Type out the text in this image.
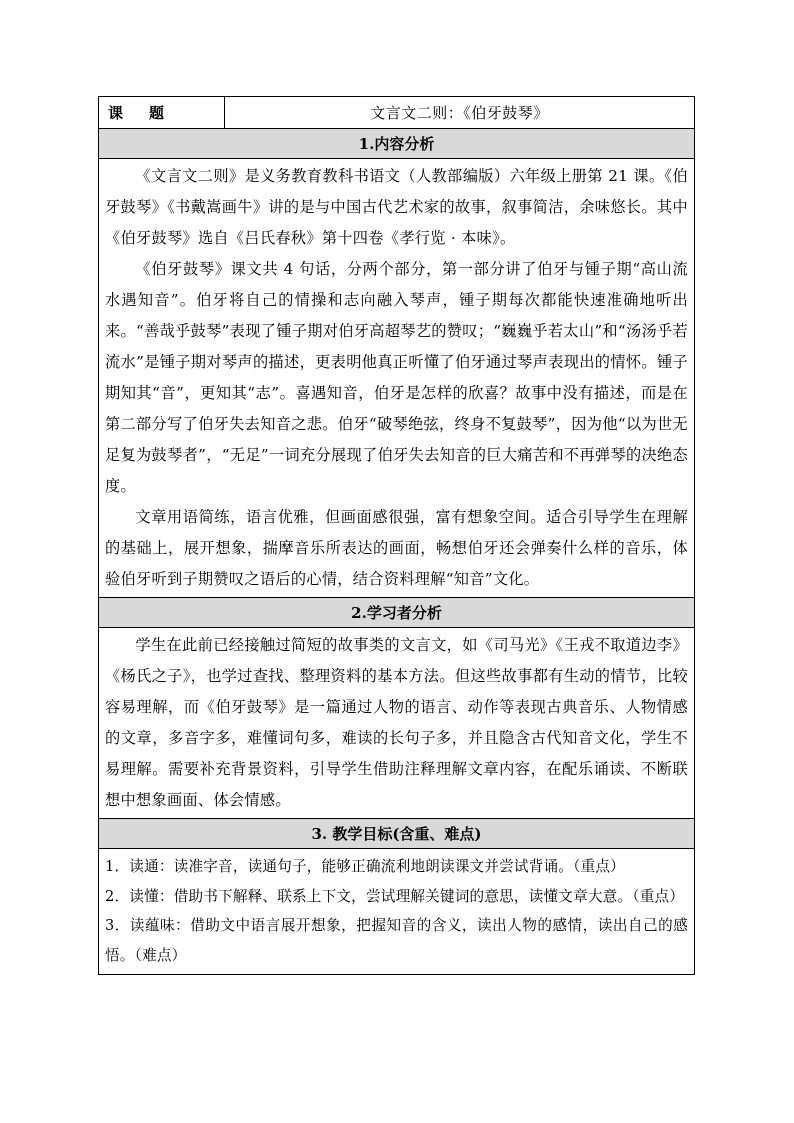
课 题	文言文二则：《伯牙鼓琴》
1.内容分析

《文言文二则》是义务教育教科书语文（人教部编版）六年级上册第 21 课。《伯牙鼓琴》《书戴嵩画牛》讲的是与中国古代艺术家的故事，叙事简洁，余味悠长。其中《伯牙鼓琴》选自《吕氏春秋》第十四卷《孝行览 · 本味》。

《伯牙鼓琴》课文共 4 句话，分两个部分，第一部分讲了伯牙与锺子期“高山流水遇知音”。伯牙将自己的情操和志向融入琴声，锺子期每次都能快速准确地听出来。“善哉乎鼓琴”表现了锺子期对伯牙高超琴艺的赞叹；“巍巍乎若太山”和“汤汤乎若流水”是锺子期对琴声的描述，更表明他真正听懂了伯牙通过琴声表现出的情怀。锺子期知其“音”，更知其“志”。喜遇知音，伯牙是怎样的欣喜？故事中没有描述，而是在第二部分写了伯牙失去知音之悲。伯牙“破琴绝弦，终身不复鼓琴”，因为他“以为世无足复为鼓琴者”，“无足”一词充分展现了伯牙失去知音的巨大痛苦和不再弹琴的决绝态度。

文章用语简练，语言优雅，但画面感很强，富有想象空间。适合引导学生在理解的基础上，展开想象，揣摩音乐所表达的画面，畅想伯牙还会弹奏什么样的音乐，体验伯牙听到子期赞叹之语后的心情，结合资料理解“知音”文化。

2.学习者分析

学生在此前已经接触过简短的故事类的文言文，如《司马光》《王戎不取道边李》《杨氏之子》，也学过查找、整理资料的基本方法。但这些故事都有生动的情节，比较容易理解，而《伯牙鼓琴》是一篇通过人物的语言、动作等表现古典音乐、人物情感的文章，多音字多，难懂词句多，难读的长句子多，并且隐含古代知音文化，学生不易理解。需要补充背景资料，引导学生借助注释理解文章内容，在配乐诵读、不断联想中想象画面、体会情感。

3. 教学目标(含重、难点)

1．读通：读准字音，读通句子，能够正确流利地朗读课文并尝试背诵。（重点）

2．读懂：借助书下解释、联系上下文，尝试理解关键词的意思，读懂文章大意。（重点）

3．读蕴味：借助文中语言展开想象，把握知音的含义，读出人物的感情，读出自己的感悟。（难点）
